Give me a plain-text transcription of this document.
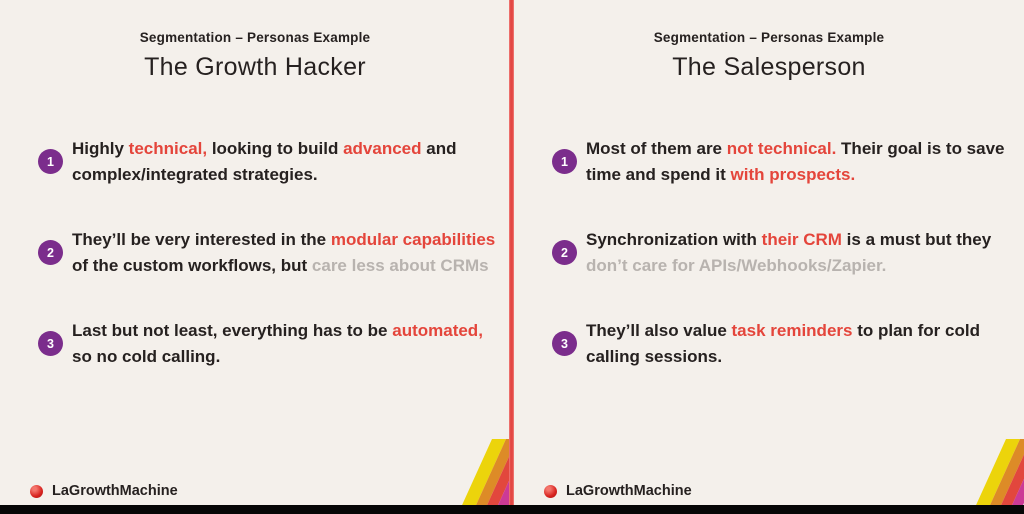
Segmentation – Personas Example
The Growth Hacker
1

Highly technical, looking to build advanced and
complex/integrated strategies.

2

They’ll be very interested in the modular capabilities
of the custom workflows, but care less about CRMs

3

Last but not least, everything has to be automated,
so no cold calling.

LaGrowthMachine
Segmentation – Personas Example
The Salesperson
1

Most of them are not technical. Their goal is to save
time and spend it with prospects.

2

Synchronization with their CRM is a must but they
don’t care for APIs/Webhooks/Zapier.

3

They’ll also value task reminders to plan for cold
calling sessions.

LaGrowthMachine
